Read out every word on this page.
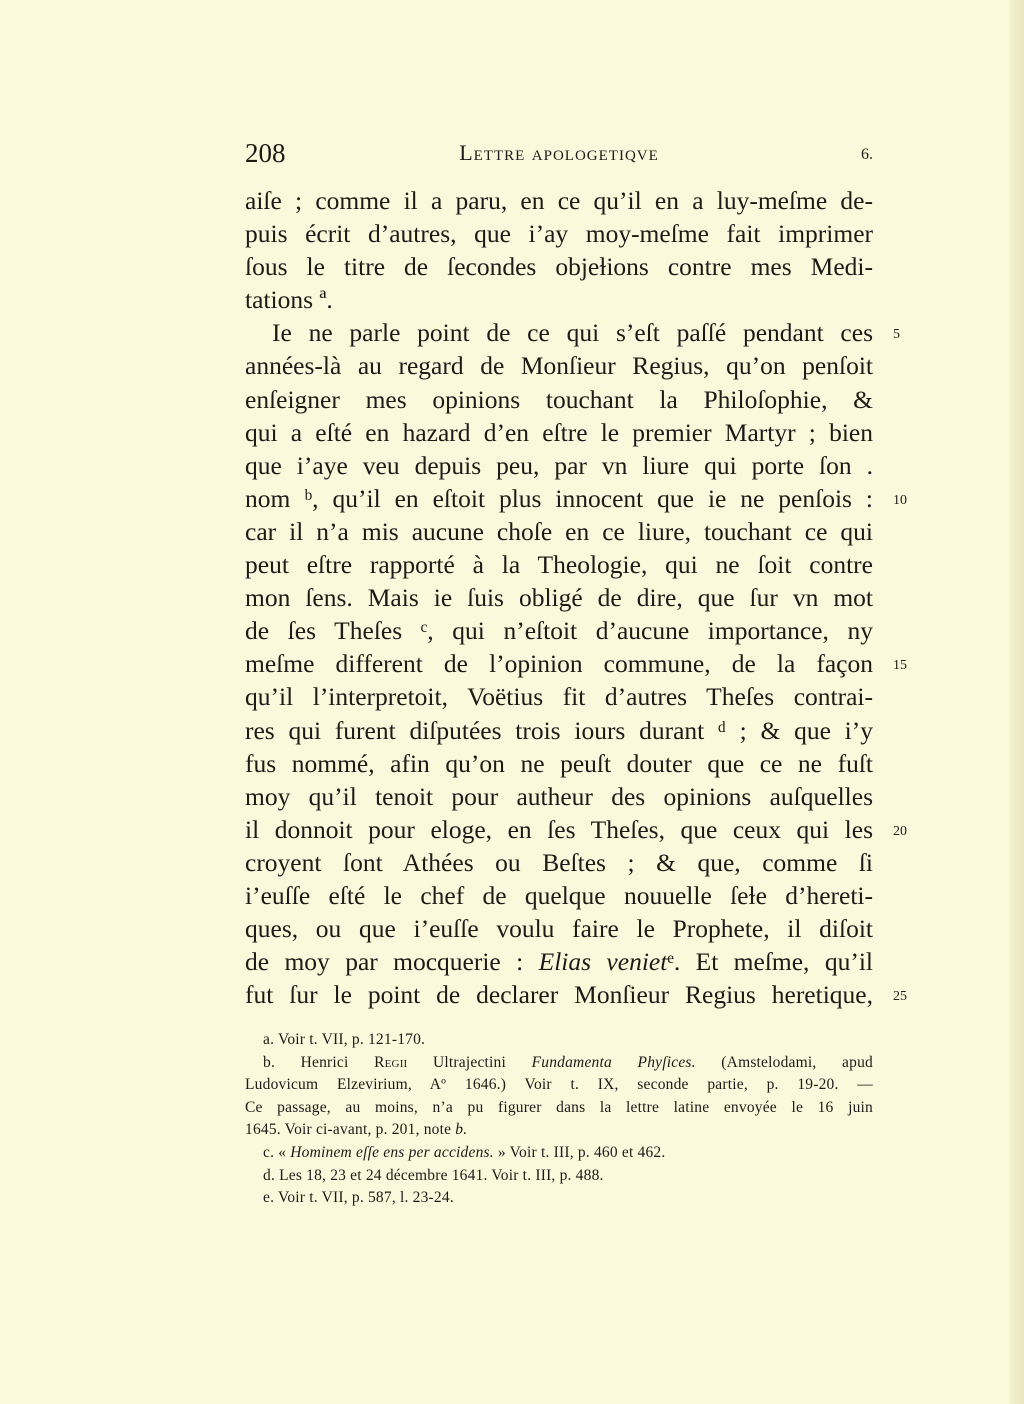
208	Lettre apologetiqve	6.
aiſe ; comme il a paru, en ce qu’il en a luy-meſme de-
puis écrit d’autres, que i’ay moy-meſme fait imprimer
ſous le titre de ſecondes objeɫions contre mes Medi-
tations ª.
Ie ne parle point de ce qui s’eſt paſſé pendant ces 5
années-là au regard de Monſieur Regius, qu’on penſoit
enſeigner mes opinions touchant la Philoſophie, &
qui a eſté en hazard d’en eſtre le premier Martyr ; bien
que i’aye veu depuis peu, par vn liure qui porte ſon .
nom ᵇ, qu’il en eſtoit plus innocent que ie ne penſois : 10
car il n’a mis aucune choſe en ce liure, touchant ce qui
peut eſtre rapporté à la Theologie, qui ne ſoit contre
mon ſens. Mais ie ſuis obligé de dire, que ſur vn mot
de ſes Theſes ᶜ, qui n’eſtoit d’aucune importance, ny
meſme different de l’opinion commune, de la façon 15
qu’il l’interpretoit, Voëtius fit d’autres Theſes contrai-
res qui furent diſputées trois iours durant ᵈ ; & que i’y
fus nommé, afin qu’on ne peuſt douter que ce ne fuſt
moy qu’il tenoit pour autheur des opinions auſquelles
il donnoit pour eloge, en ſes Theſes, que ceux qui les 20
croyent ſont Athées ou Beſtes ; & que, comme ſi
i’euſſe eſté le chef de quelque nouuelle ſeɫe d’hereti-
ques, ou que i’euſſe voulu faire le Prophete, il diſoit
de moy par mocquerie : Elias venietᵉ. Et meſme, qu’il
fut ſur le point de declarer Monſieur Regius heretique, 25
a. Voir t. VII, p. 121-170.
b. Henrici Regii Ultrajectini Fundamenta Phyſices. (Amstelodami, apud
Ludovicum Elzevirium, Aº 1646.) Voir t. IX, seconde partie, p. 19-20. —
Ce passage, au moins, n’a pu figurer dans la lettre latine envoyée le 16 juin
1645. Voir ci-avant, p. 201, note b.
c. « Hominem eſſe ens per accidens. » Voir t. III, p. 460 et 462.
d. Les 18, 23 et 24 décembre 1641. Voir t. III, p. 488.
e. Voir t. VII, p. 587, l. 23-24.
